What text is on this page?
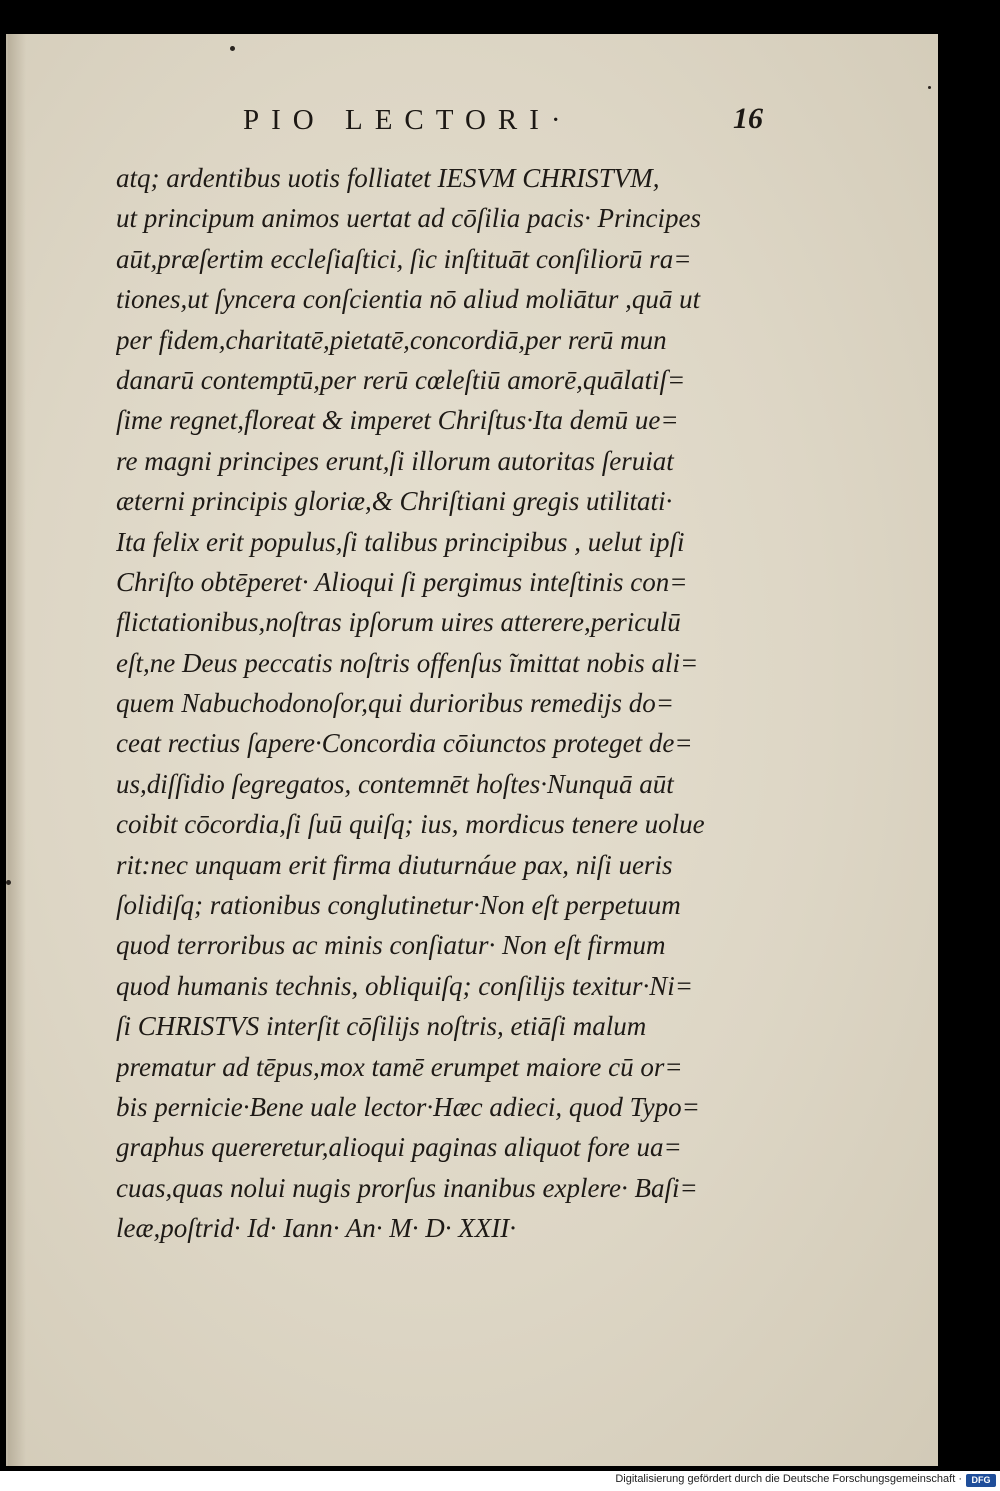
PIO LECTORI·	16
atq; ardentibus uotis folliatet IESVM CHRISTVM,
ut principum animos uertat ad cōſilia pacis· Principes
aūt,præſertim eccleſiaſtici, ſic inſtituāt conſiliorū ra=
tiones,ut ſyncera conſcientia nō aliud moliātur ,quā ut
per fidem,charitatē,pietatē,concordiā,per rerū mun
danarū contemptū,per rerū cœleſtiū amorē,quālatiſ=
ſime regnet,floreat & imperet Chriſtus·Ita demū ue=
re magni principes erunt,ſi illorum autoritas ſeruiat
æterni principis gloriæ,& Chriſtiani gregis utilitati·
Ita felix erit populus,ſi talibus principibus , uelut ipſi
Chriſto obtēperet· Alioqui ſi pergimus inteſtinis con=
flictationibus,noſtras ipſorum uires atterere,periculū
eſt,ne Deus peccatis noſtris offenſus ĩmittat nobis ali=
quem Nabuchodonoſor,qui durioribus remedijs do=
ceat rectius ſapere·Concordia cōiunctos proteget de=
us,diſſidio ſegregatos, contemnēt hoſtes·Nunquā aūt
coibit cōcordia,ſi ſuū quiſq; ius, mordicus tenere uolue
rit:nec unquam erit firma diuturnáue pax, niſi ueris
ſolidiſq; rationibus conglutinetur·Non eſt perpetuum
quod terroribus ac minis conſiatur· Non eſt firmum
quod humanis technis, obliquiſq; conſilijs texitur·Ni=
ſi CHRISTVS interſit cōſilijs noſtris, etiāſi malum
prematur ad tēpus,mox tamē erumpet maiore cū or=
bis pernicie·Bene uale lector·Hæc adieci, quod Typo=
graphus quereretur,alioqui paginas aliquot fore ua=
cuas,quas nolui nugis prorſus inanibus explere· Baſi=
leæ,poſtrid· Id· Iann· An· M· D· XXII·
Digitalisierung gefördert durch die Deutsche Forschungsgemeinschaft ·	DFG
